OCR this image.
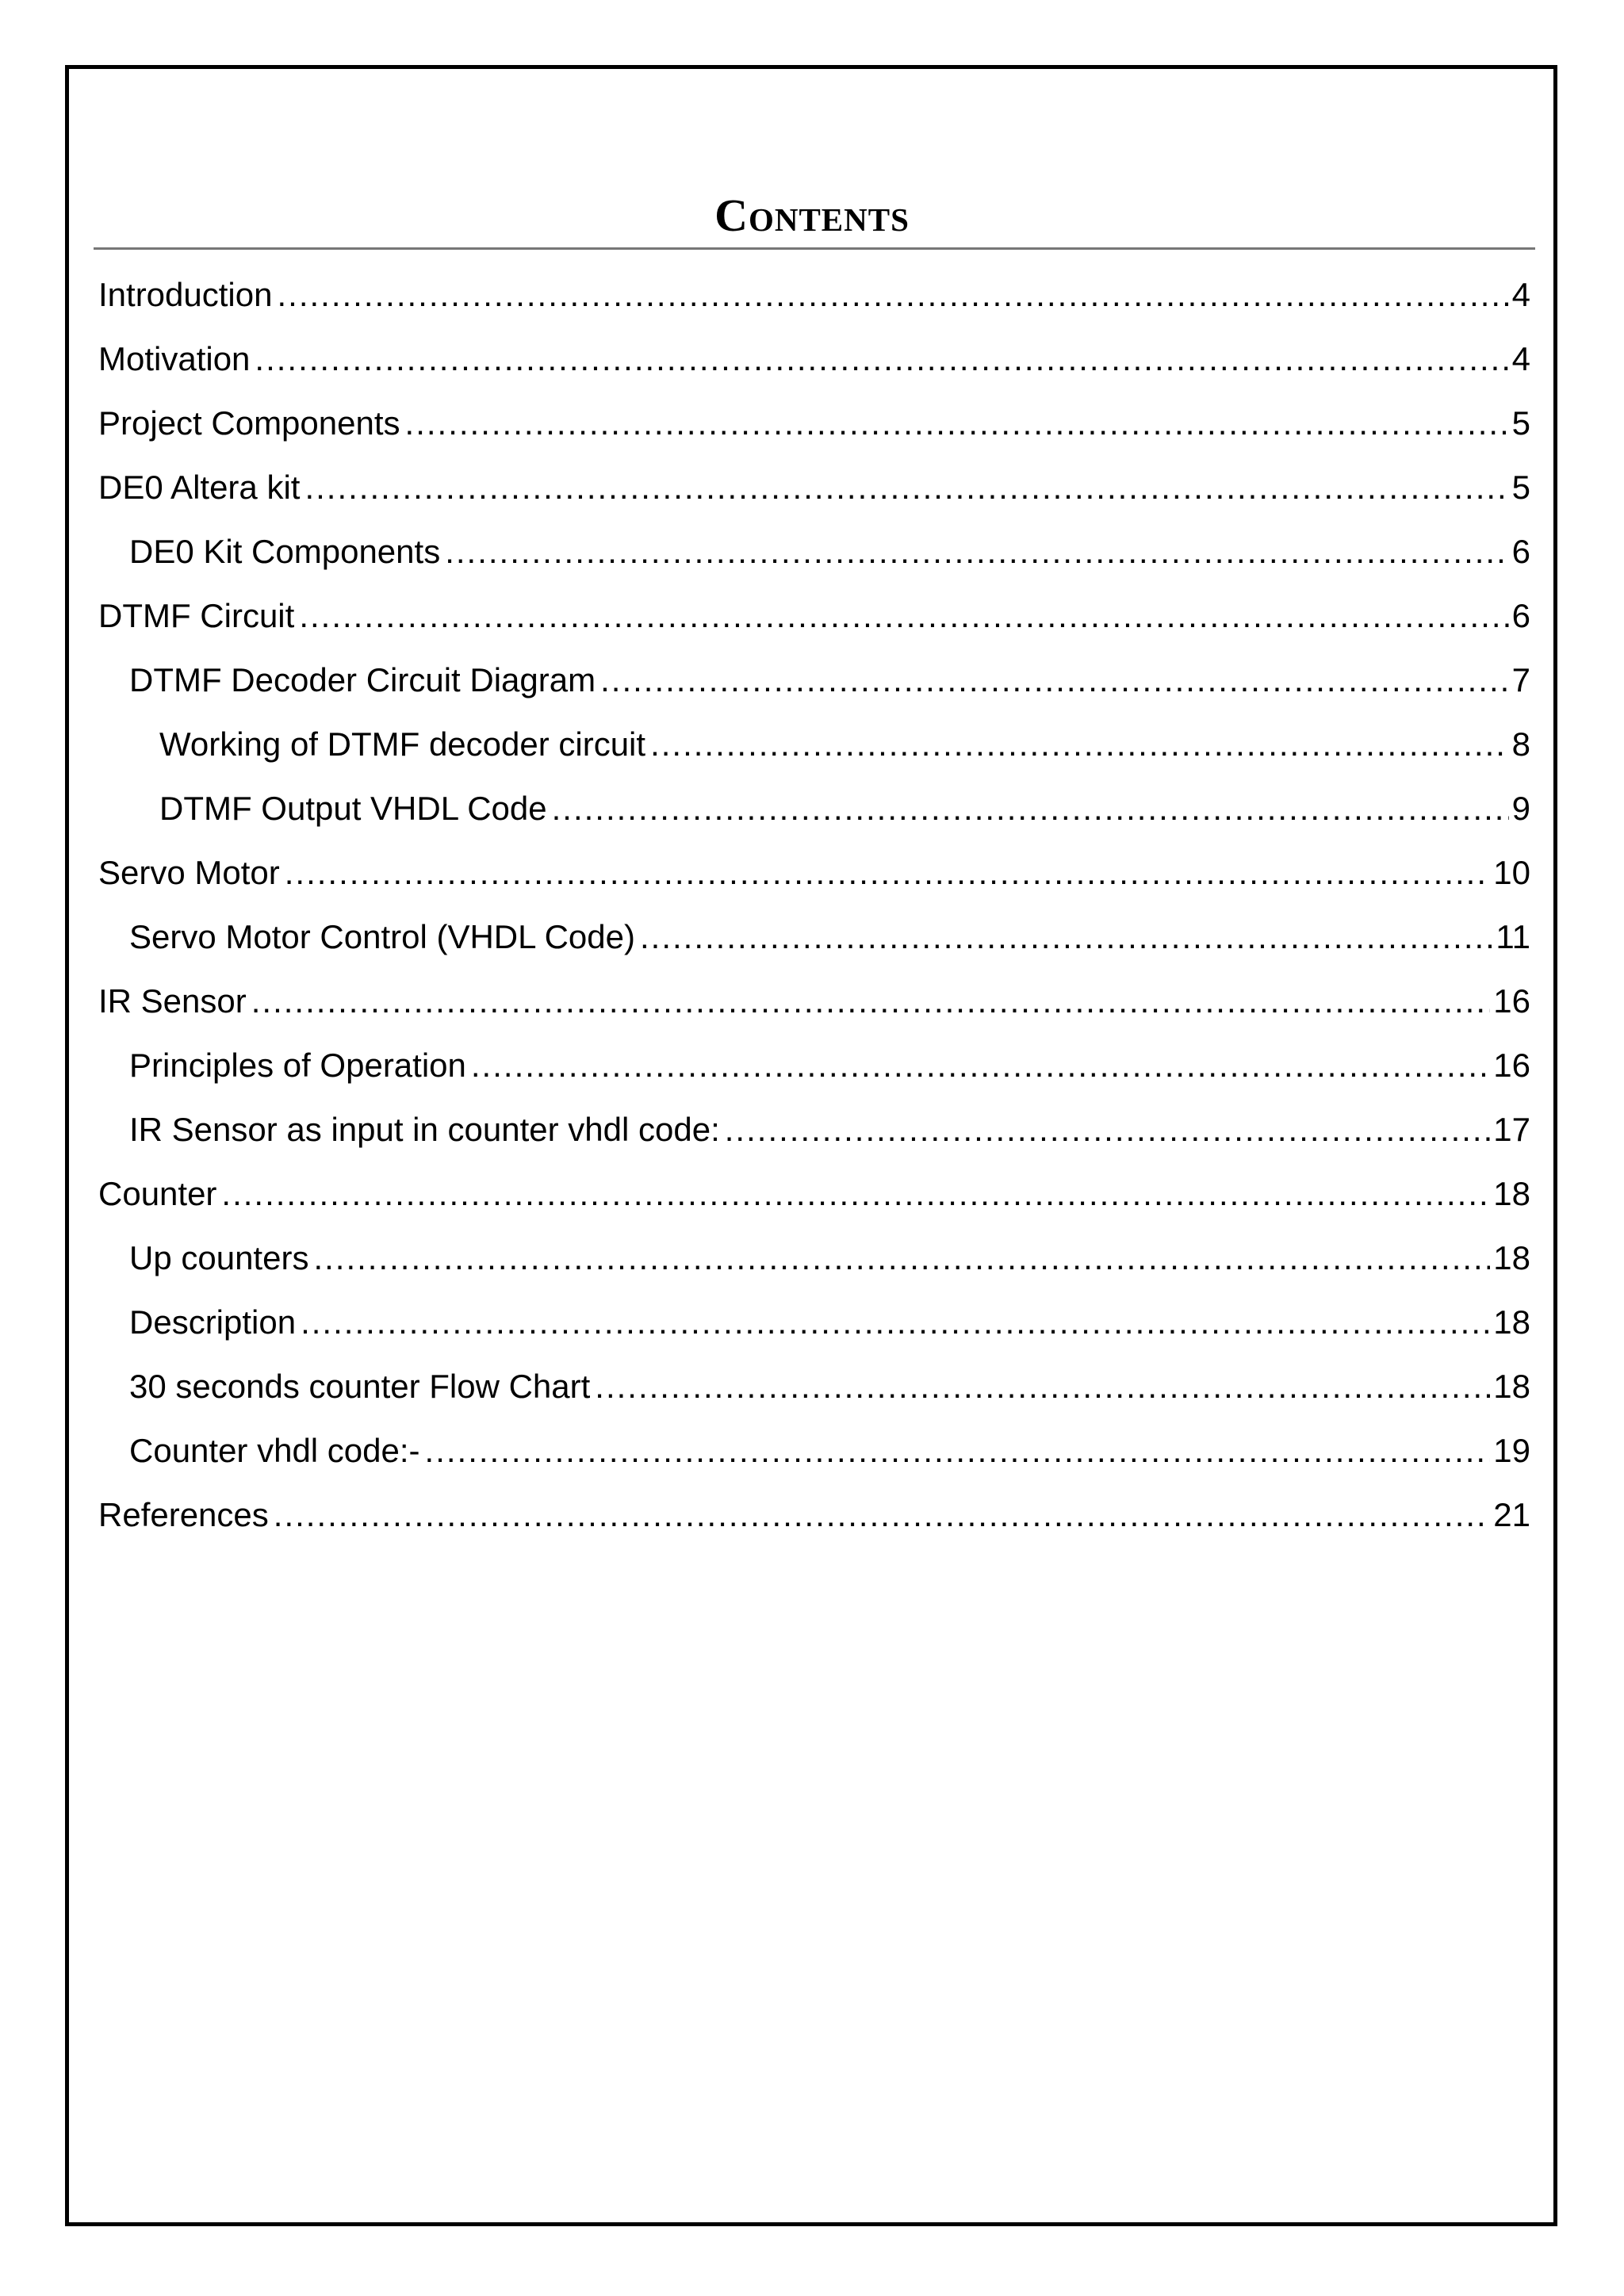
Contents
Introduction .....	4
Motivation .....	4
Project Components .....	5
DE0 Altera kit .....	5
DE0 Kit Components .....	6
DTMF Circuit .....	6
DTMF Decoder Circuit Diagram .....	7
Working of DTMF decoder circuit .....	8
DTMF Output VHDL Code .....	9
Servo Motor .....	10
Servo Motor Control (VHDL Code) .....	11
IR Sensor .....	16
Principles of Operation .....	16
IR Sensor as input in counter vhdl code: .....	17
Counter .....	18
Up counters .....	18
Description .....	18
30 seconds counter Flow Chart .....	18
Counter vhdl code:- .....	19
References .....	21
